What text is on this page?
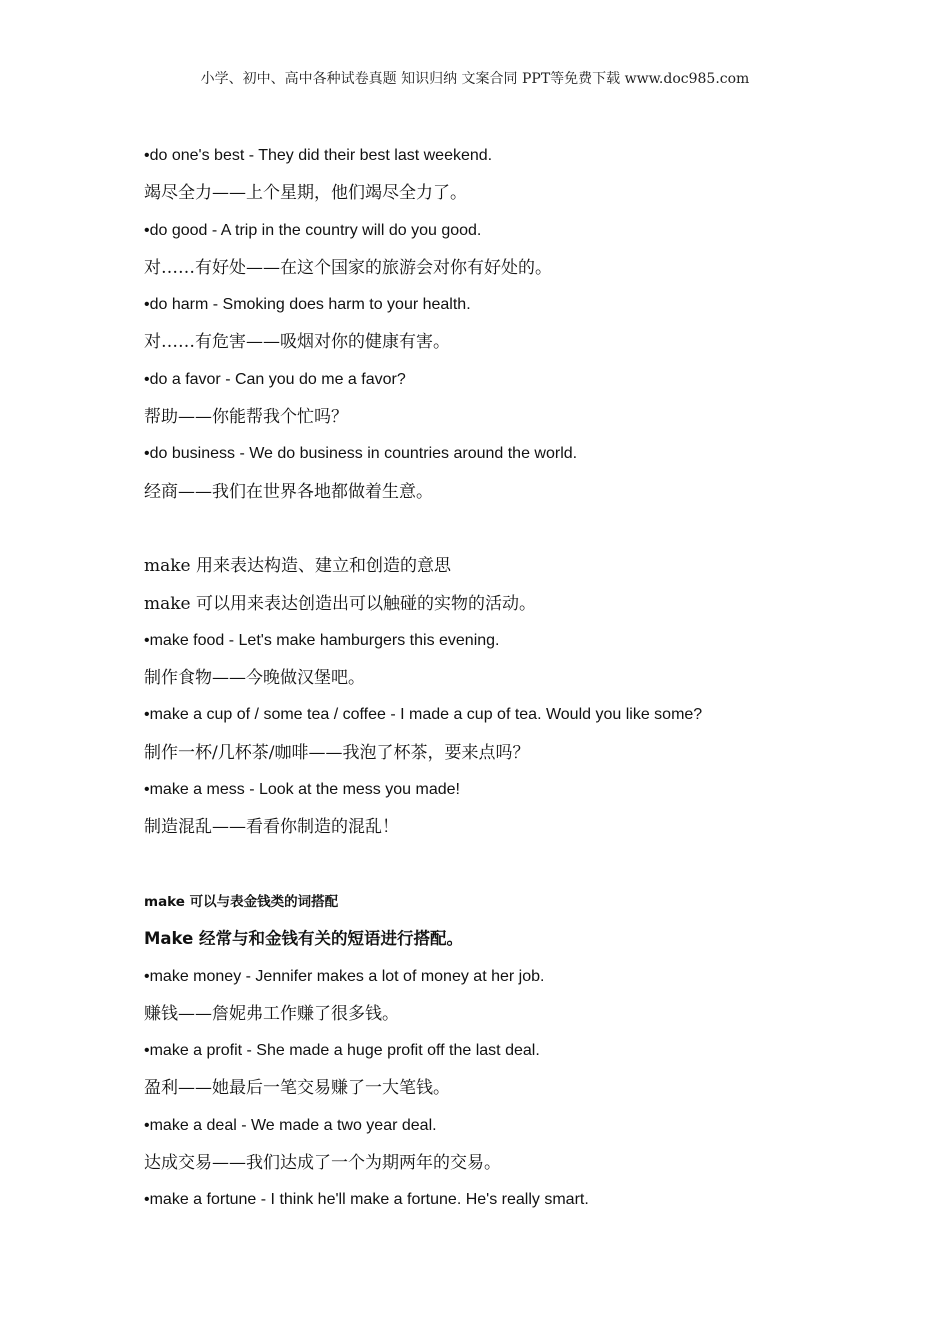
小学、初中、高中各种试卷真题 知识归纳 文案合同 PPT等免费下载 www.doc985.com
•do one's best - They did their best last weekend.
竭尽全力——上个星期，他们竭尽全力了。
•do good - A trip in the country will do you good.
对……有好处——在这个国家的旅游会对你有好处的。
•do harm - Smoking does harm to your health.
对……有危害——吸烟对你的健康有害。
•do a favor - Can you do me a favor?
帮助——你能帮我个忙吗？
•do business - We do business in countries around the world.
经商——我们在世界各地都做着生意。
make 用来表达构造、建立和创造的意思
make 可以用来表达创造出可以触碰的实物的活动。
•make food - Let's make hamburgers this evening.
制作食物——今晚做汉堡吧。
•make a cup of / some tea / coffee - I made a cup of tea. Would you like some?
制作一杯/几杯茶/咖啡——我泡了杯茶，要来点吗？
•make a mess - Look at the mess you made!
制造混乱——看看你制造的混乱！
make 可以与表金钱类的词搭配
Make 经常与和金钱有关的短语进行搭配。
•make money - Jennifer makes a lot of money at her job.
赚钱——詹妮弗工作赚了很多钱。
•make a profit - She made a huge profit off the last deal.
盈利——她最后一笔交易赚了一大笔钱。
•make a deal - We made a two year deal.
达成交易——我们达成了一个为期两年的交易。
•make a fortune - I think he'll make a fortune. He's really smart.
